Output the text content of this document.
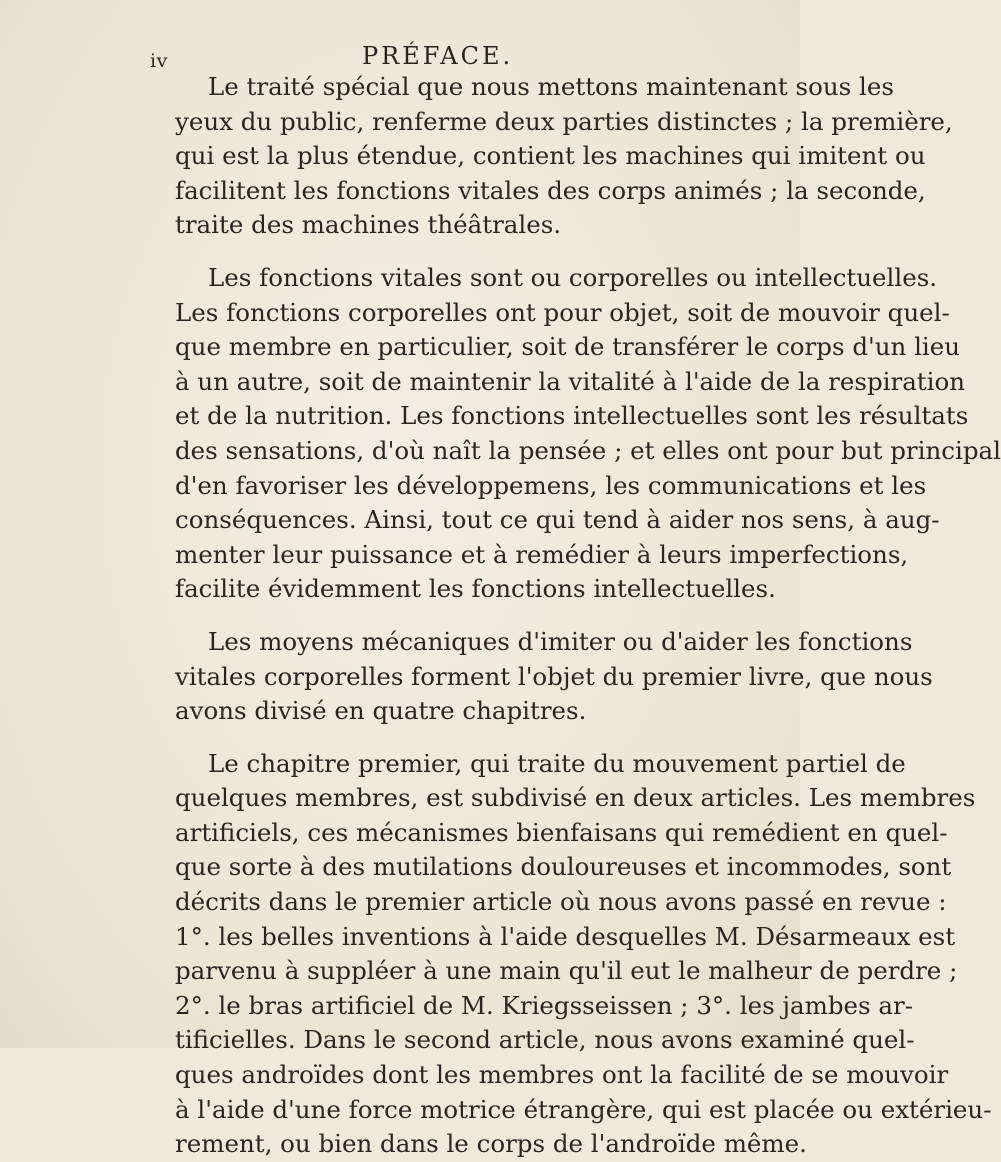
iv	PRÉFACE.

Le traité spécial que nous mettons maintenant sous les
yeux du public, renferme deux parties distinctes ; la première,
qui est la plus étendue, contient les machines qui imitent ou
facilitent les fonctions vitales des corps animés ; la seconde,
traite des machines théâtrales.

Les fonctions vitales sont ou corporelles ou intellectuelles.
Les fonctions corporelles ont pour objet, soit de mouvoir quel-
que membre en particulier, soit de transférer le corps d'un lieu
à un autre, soit de maintenir la vitalité à l'aide de la respiration
et de la nutrition. Les fonctions intellectuelles sont les résultats
des sensations, d'où naît la pensée ; et elles ont pour but principal
d'en favoriser les développemens, les communications et les
conséquences. Ainsi, tout ce qui tend à aider nos sens, à aug-
menter leur puissance et à remédier à leurs imperfections,
facilite évidemment les fonctions intellectuelles.

Les moyens mécaniques d'imiter ou d'aider les fonctions
vitales corporelles forment l'objet du premier livre, que nous
avons divisé en quatre chapitres.

Le chapitre premier, qui traite du mouvement partiel de
quelques membres, est subdivisé en deux articles. Les membres
artificiels, ces mécanismes bienfaisans qui remédient en quel-
que sorte à des mutilations douloureuses et incommodes, sont
décrits dans le premier article où nous avons passé en revue :
1°. les belles inventions à l'aide desquelles M. Désarmeaux est
parvenu à suppléer à une main qu'il eut le malheur de perdre ;
2°. le bras artificiel de M. Kriegsseissen ; 3°. les jambes ar-
tificielles. Dans le second article, nous avons examiné quel-
ques androïdes dont les membres ont la facilité de se mouvoir
à l'aide d'une force motrice étrangère, qui est placée ou extérieu-
rement, ou bien dans le corps de l'androïde même.
